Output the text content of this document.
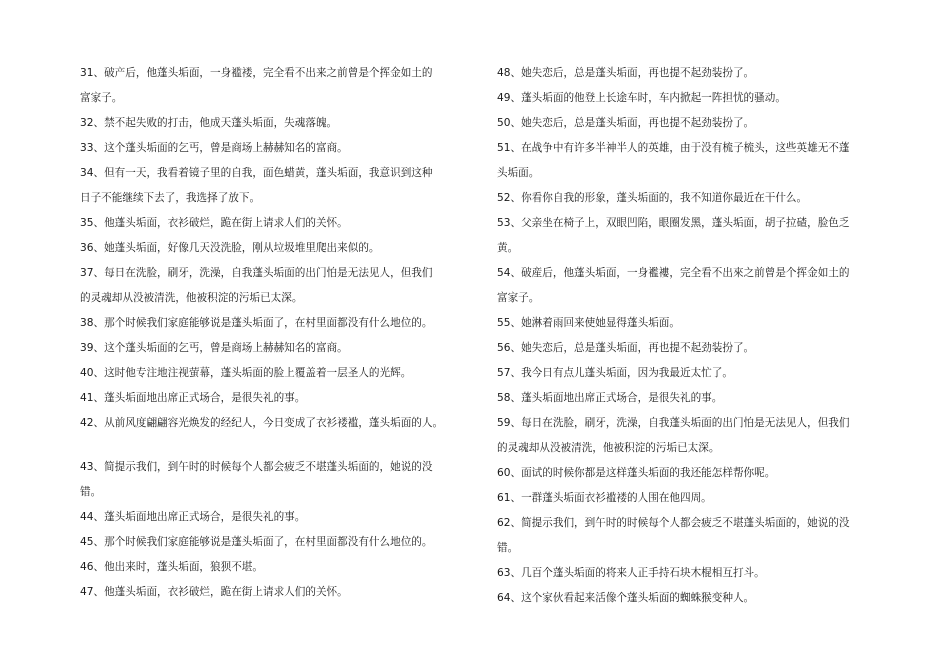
31、破产后，他蓬头垢面，一身褴褛，完全看不出来之前曾是个挥金如土的
富家子。
32、禁不起失败的打击，他成天蓬头垢面，失魂落魄。
33、这个蓬头垢面的乞丐，曾是商场上赫赫知名的富商。
34、但有一天，我看着镜子里的自我，面色蜡黄，蓬头垢面，我意识到这种
日子不能继续下去了，我选择了放下。
35、他蓬头垢面，衣衫破烂，跪在街上请求人们的关怀。
36、她蓬头垢面，好像几天没洗脸，刚从垃圾堆里爬出来似的。
37、每日在洗脸，刷牙，洗澡，自我蓬头垢面的出门怕是无法见人，但我们
的灵魂却从没被清洗，他被积淀的污垢已太深。
38、那个时候我们家庭能够说是蓬头垢面了，在村里面都没有什么地位的。
39、这个蓬头垢面的乞丐，曾是商场上赫赫知名的富商。
40、这时他专注地注视萤幕，蓬头垢面的脸上覆盖着一层圣人的光辉。
41、蓬头垢面地出席正式场合，是很失礼的事。
42、从前风度翩翩容光焕发的经纪人，今日变成了衣衫褛褴，蓬头垢面的人。
43、简提示我们，到午时的时候每个人都会疲乏不堪蓬头垢面的，她说的没
错。
44、蓬头垢面地出席正式场合，是很失礼的事。
45、那个时候我们家庭能够说是蓬头垢面了，在村里面都没有什么地位的。
46、他出来时，蓬头垢面，狼狈不堪。
47、他蓬头垢面，衣衫破烂，跪在街上请求人们的关怀。
48、她失恋后，总是蓬头垢面，再也提不起劲装扮了。
49、蓬头垢面的他登上长途车时，车内掀起一阵担忧的骚动。
50、她失恋后，总是蓬头垢面，再也提不起劲装扮了。
51、在战争中有许多半神半人的英雄，由于没有梳子梳头，这些英雄无不蓬
头垢面。
52、你看你自我的形象，蓬头垢面的，我不知道你最近在干什么。
53、父亲坐在椅子上，双眼凹陷，眼圈发黑，蓬头垢面，胡子拉碴，脸色乏
黄。
54、破産后，他蓬头垢面，一身襤褸，完全看不出來之前曾是个挥金如土的
富家子。
55、她淋着雨回来使她显得蓬头垢面。
56、她失恋后，总是蓬头垢面，再也提不起劲装扮了。
57、我今日有点儿蓬头垢面，因为我最近太忙了。
58、蓬头垢面地出席正式场合，是很失礼的事。
59、每日在洗脸，刷牙，洗澡，自我蓬头垢面的出门怕是无法见人，但我们
的灵魂却从没被清洗，他被积淀的污垢已太深。
60、面试的时候你都是这样蓬头垢面的我还能怎样帮你呢。
61、一群蓬头垢面衣衫褴褛的人围在他四周。
62、简提示我们，到午时的时候每个人都会疲乏不堪蓬头垢面的，她说的没
错。
63、几百个蓬头垢面的将来人正手持石块木棍相互打斗。
64、这个家伙看起来活像个蓬头垢面的蜘蛛猴变种人。
